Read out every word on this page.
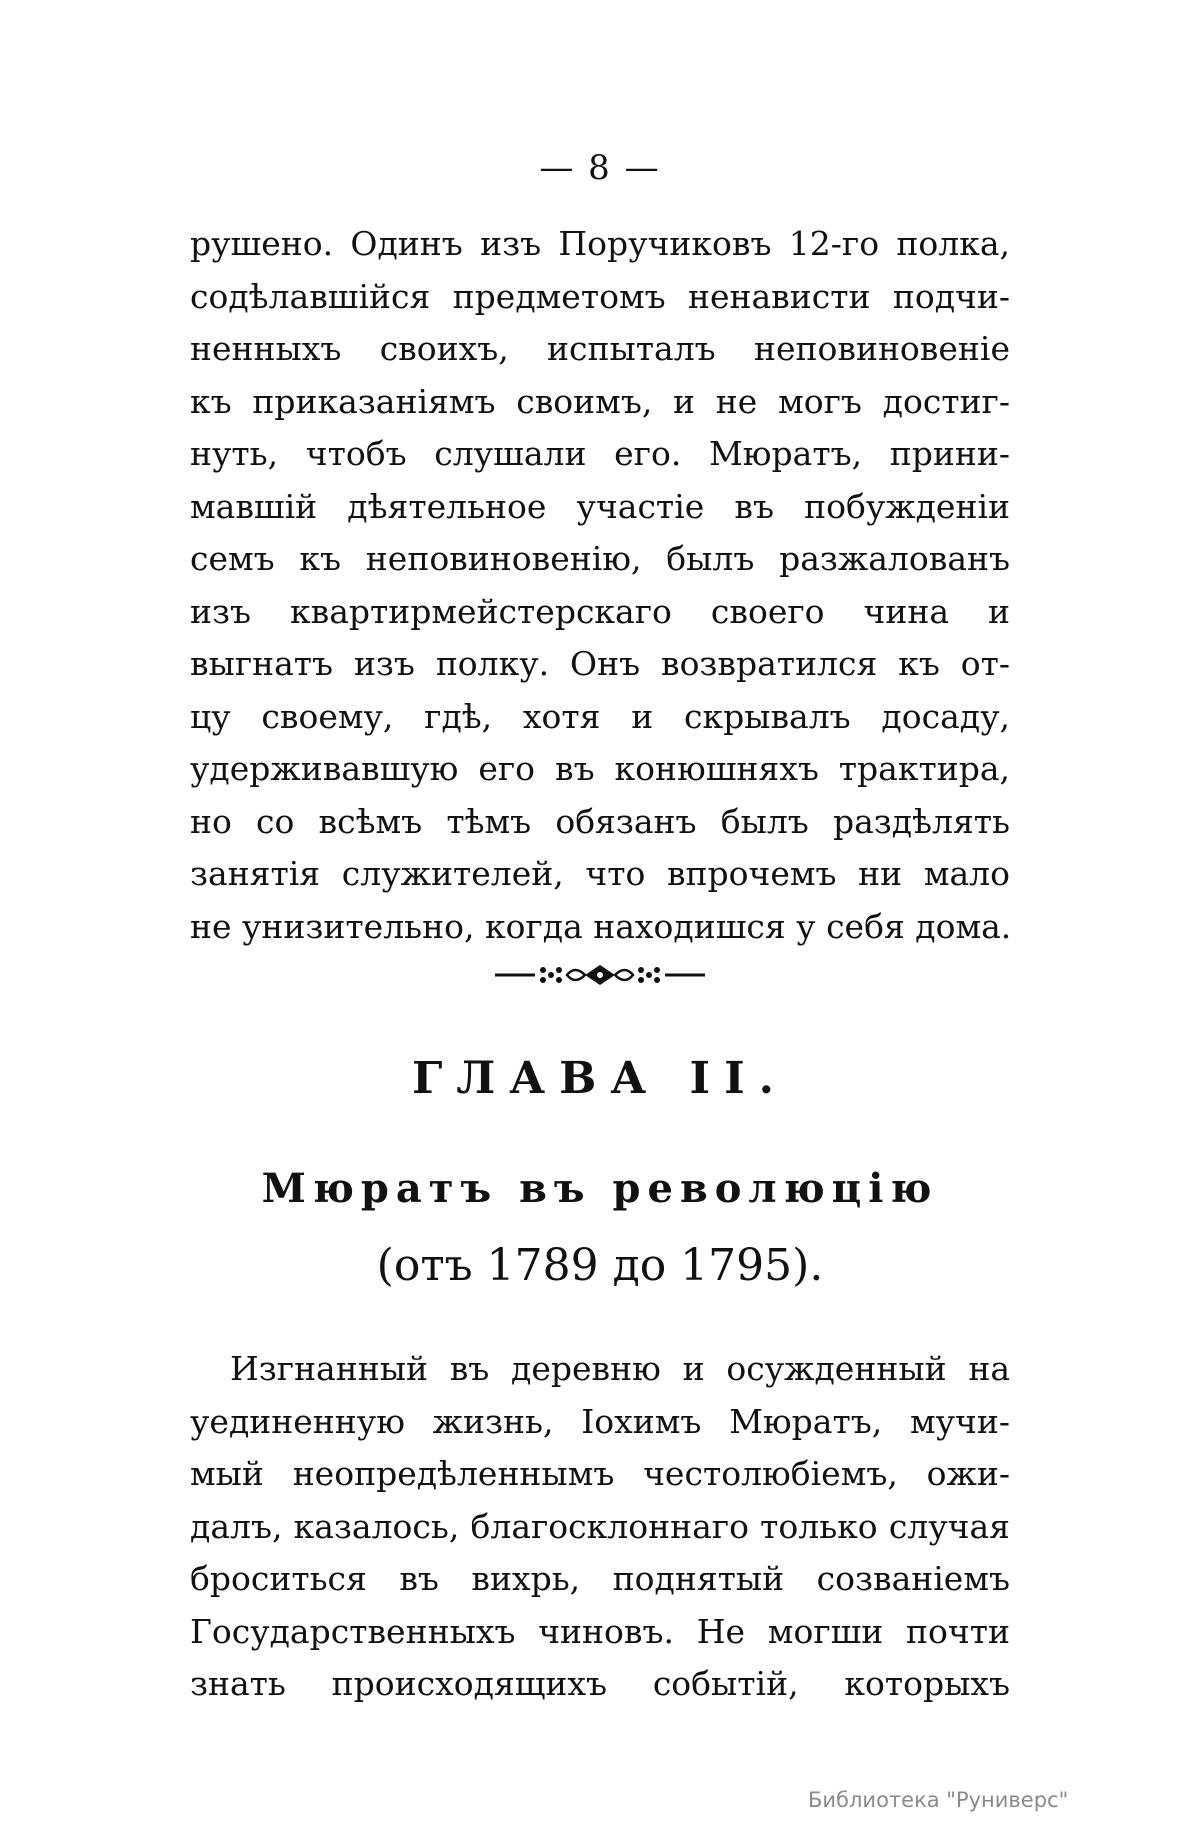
— 8 —
рушено. Одинъ изъ Поручиковъ 12-го полка,
содѣлавшійся предметомъ ненависти подчи-
ненныхъ своихъ, испыталъ неповиновеніе
къ приказаніямъ своимъ, и не могъ достиг-
нуть, чтобъ слушали его. Мюратъ, прини-
мавшій дѣятельное участіе въ побужденіи
семъ къ неповиновенію, былъ разжалованъ
изъ квартирмейстерскаго своего чина и
выгнатъ изъ полку. Онъ возвратился къ от-
цу своему, гдѣ, хотя и скрывалъ досаду,
удерживавшую его въ конюшняхъ трактира,
но со всѣмъ тѣмъ обязанъ былъ раздѣлять
занятія служителей, что впрочемъ ни мало
не унизительно, когда находишся у себя дома.
ГЛАВА II.
Мюратъ въ революцію
(отъ 1789 до 1795).
Изгнанный въ деревню и осужденный на
уединенную жизнь, Іохимъ Мюратъ, мучи-
мый неопредѣленнымъ честолюбіемъ, ожи-
далъ, казалось, благосклоннаго только случая
броситься въ вихрь, поднятый созваніемъ
Государственныхъ чиновъ. Не могши почти
знать происходящихъ событій, которыхъ
Библиотека "Руниверс"
